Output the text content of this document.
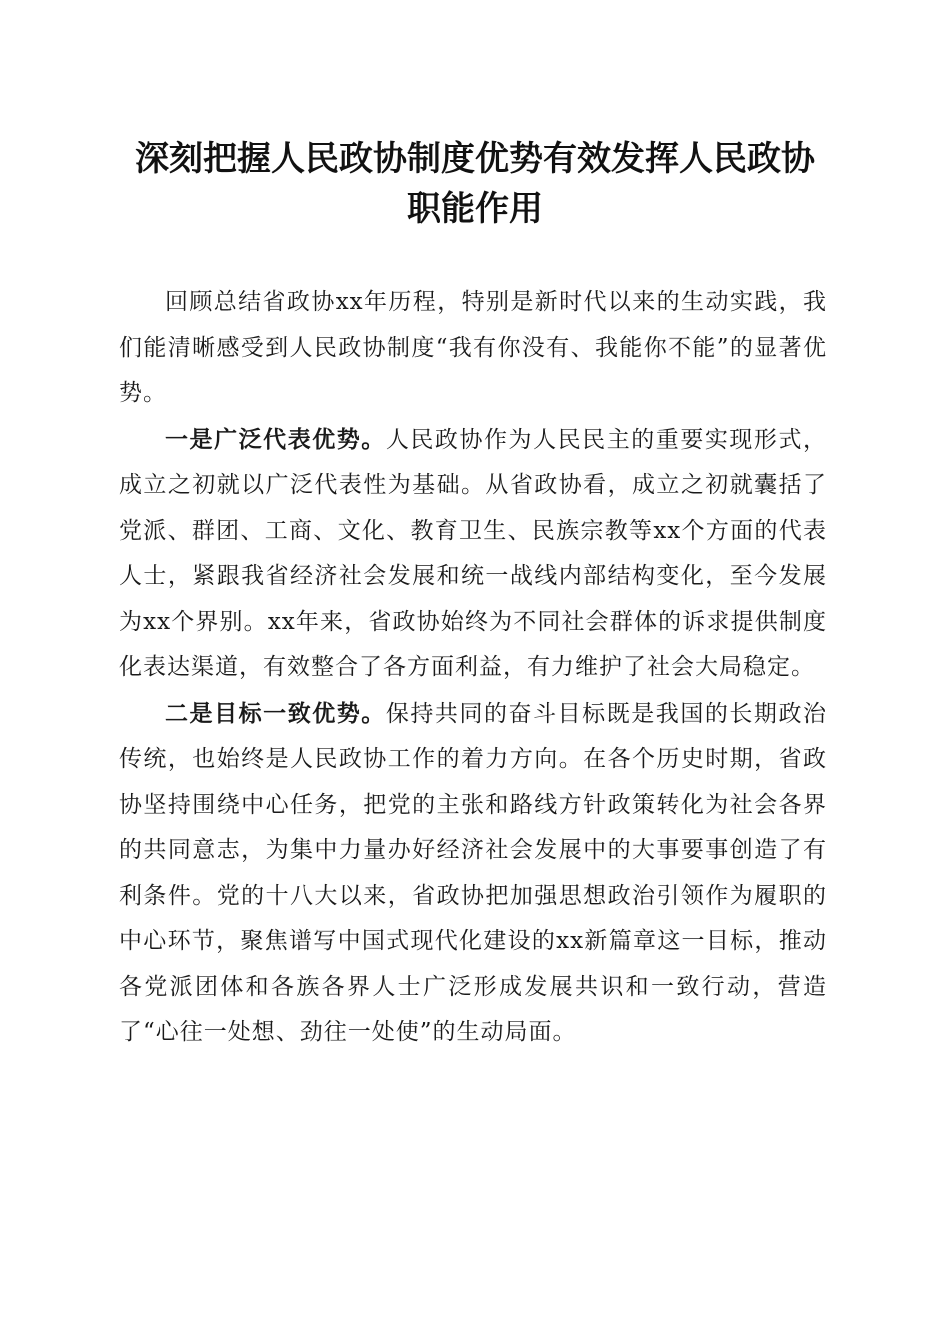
深刻把握人民政协制度优势有效发挥人民政协
职能作用

回顾总结省政协xx年历程，特别是新时代以来的生动实践，我们能清晰感受到人民政协制度“我有你没有、我能你不能”的显著优势。

一是广泛代表优势。人民政协作为人民民主的重要实现形式，成立之初就以广泛代表性为基础。从省政协看，成立之初就囊括了党派、群团、工商、文化、教育卫生、民族宗教等xx个方面的代表人士，紧跟我省经济社会发展和统一战线内部结构变化，至今发展为xx个界别。xx年来，省政协始终为不同社会群体的诉求提供制度化表达渠道，有效整合了各方面利益，有力维护了社会大局稳定。

二是目标一致优势。保持共同的奋斗目标既是我国的长期政治传统，也始终是人民政协工作的着力方向。在各个历史时期，省政协坚持围绕中心任务，把党的主张和路线方针政策转化为社会各界的共同意志，为集中力量办好经济社会发展中的大事要事创造了有利条件。党的十八大以来，省政协把加强思想政治引领作为履职的中心环节，聚焦谱写中国式现代化建设的xx新篇章这一目标，推动各党派团体和各族各界人士广泛形成发展共识和一致行动，营造了“心往一处想、劲往一处使”的生动局面。
